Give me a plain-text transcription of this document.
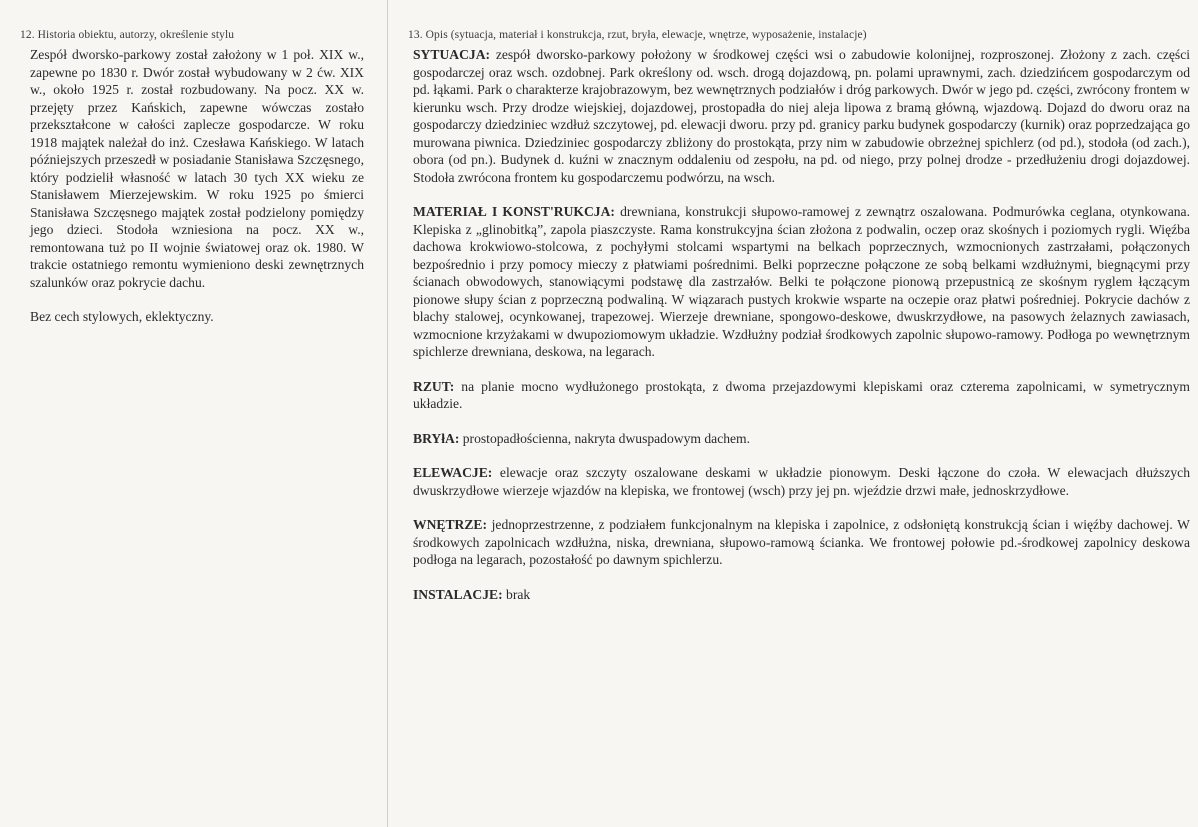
12. Historia obiektu, autorzy, określenie stylu

Zespół dworsko-parkowy został założony w 1 poł. XIX w., zapewne po 1830 r. Dwór został wybudowany w 2 ćw. XIX w., około 1925 r. został rozbudowany. Na pocz. XX w. przejęty przez Kańskich, zapewne wówczas zostało przekształcone w całości zaplecze gospodarcze. W roku 1918 majątek należał do inż. Czesława Kańskiego. W latach późniejszych przeszedł w posiadanie Stanisława Szczęsnego, który podzielił własność w latach 30 tych XX wieku ze Stanisławem Mierzejewskim. W roku 1925 po śmierci Stanisława Szczęsnego majątek został podzielony pomiędzy jego dzieci. Stodoła wzniesiona na pocz. XX w., remontowana tuż po II wojnie światowej oraz ok. 1980. W trakcie ostatniego remontu wymieniono deski zewnętrznych szalunków oraz pokrycie dachu.

Bez cech stylowych, eklektyczny.

13. Opis (sytuacja, materiał i konstrukcja, rzut, bryła, elewacje, wnętrze, wyposażenie, instalacje)

SYTUACJA: zespół dworsko-parkowy położony w środkowej części wsi o zabudowie kolonijnej, rozproszonej. Złożony z zach. części gospodarczej oraz wsch. ozdobnej. Park określony od. wsch. drogą dojazdową, pn. polami uprawnymi, zach. dziedzińcem gospodarczym od pd. łąkami. Park o charakterze krajobrazowym, bez wewnętrznych podziałów i dróg parkowych. Dwór w jego pd. części, zwrócony frontem w kierunku wsch. Przy drodze wiejskiej, dojazdowej, prostopadła do niej aleja lipowa z bramą główną, wjazdową. Dojazd do dworu oraz na gospodarczy dziedziniec wzdłuż szczytowej, pd. elewacji dworu. przy pd. granicy parku budynek gospodarczy (kurnik) oraz poprzedzająca go murowana piwnica. Dziedziniec gospodarczy zbliżony do prostokąta, przy nim w zabudowie obrzeżnej spichlerz (od pd.), stodoła (od zach.), obora (od pn.). Budynek d. kuźni w znacznym oddaleniu od zespołu, na pd. od niego, przy polnej drodze - przedłużeniu drogi dojazdowej. Stodoła zwrócona frontem ku gospodarczemu podwórzu, na wsch.

MATERIAŁ I KONST'RUKCJA: drewniana, konstrukcji słupowo-ramowej z zewnątrz oszalowana. Podmurówka ceglana, otynkowana. Klepiska z „glinobitką”, zapola piaszczyste. Rama konstrukcyjna ścian złożona z podwalin, oczep oraz skośnych i poziomych rygli. Więźba dachowa krokwiowo-stolcowa, z pochyłymi stolcami wspartymi na belkach poprzecznych, wzmocnionych zastrzałami, połączonych bezpośrednio i przy pomocy mieczy z płatwiami pośrednimi. Belki poprzeczne połączone ze sobą belkami wzdłużnymi, biegnącymi przy ścianach obwodowych, stanowiącymi podstawę dla zastrzałów. Belki te połączone pionową przepustnicą ze skośnym ryglem łączącym pionowe słupy ścian z poprzeczną podwaliną. W wiązarach pustych krokwie wsparte na oczepie oraz płatwi pośredniej. Pokrycie dachów z blachy stalowej, ocynkowanej, trapezowej. Wierzeje drewniane, spongowo-deskowe, dwuskrzydłowe, na pasowych żelaznych zawiasach, wzmocnione krzyżakami w dwupoziomowym układzie. Wzdłużny podział środkowych zapolnic słupowo-ramowy. Podłoga po wewnętrznym spichlerze drewniana, deskowa, na legarach.

RZUT: na planie mocno wydłużonego prostokąta, z dwoma przejazdowymi klepiskami oraz czterema zapolnicami, w symetrycznym układzie.

BRYłA: prostopadłościenna, nakryta dwuspadowym dachem.

ELEWACJE: elewacje oraz szczyty oszalowane deskami w układzie pionowym. Deski łączone do czoła. W elewacjach dłuższych dwuskrzydłowe wierzeje wjazdów na klepiska, we frontowej (wsch) przy jej pn. wjeździe drzwi małe, jednoskrzydłowe.

WNĘTRZE: jednoprzestrzenne, z podziałem funkcjonalnym na klepiska i zapolnice, z odsłoniętą konstrukcją ścian i więźby dachowej. W środkowych zapolnicach wzdłużna, niska, drewniana, słupowo-ramową ścianka. We frontowej połowie pd.-środkowej zapolnicy deskowa podłoga na legarach, pozostałość po dawnym spichlerzu.

INSTALACJE: brak
